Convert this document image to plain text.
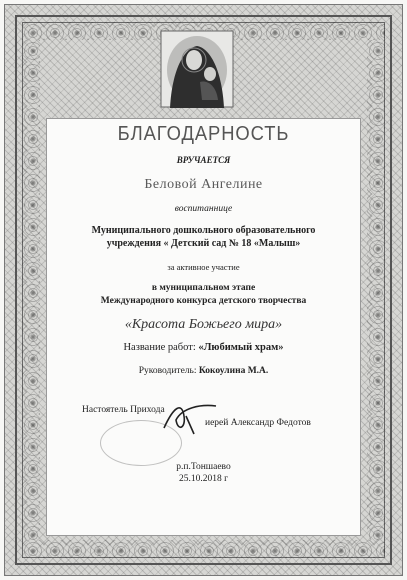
БЛАГОДАРНОСТЬ
ВРУЧАЕТСЯ
Беловой Ангелине
воспитаннице
Муниципального дошкольного образовательного
учреждения « Детский сад № 18 «Малыш»
за активное участие
в муниципальном этапе
Международного конкурса детского творчества
«Красота Божьего мира»
Название работ: «Любимый храм»
Руководитель: Кокоулина М.А.
Настоятель Прихода
иерей Александр Федотов
р.п.Тоншаево
25.10.2018 г
